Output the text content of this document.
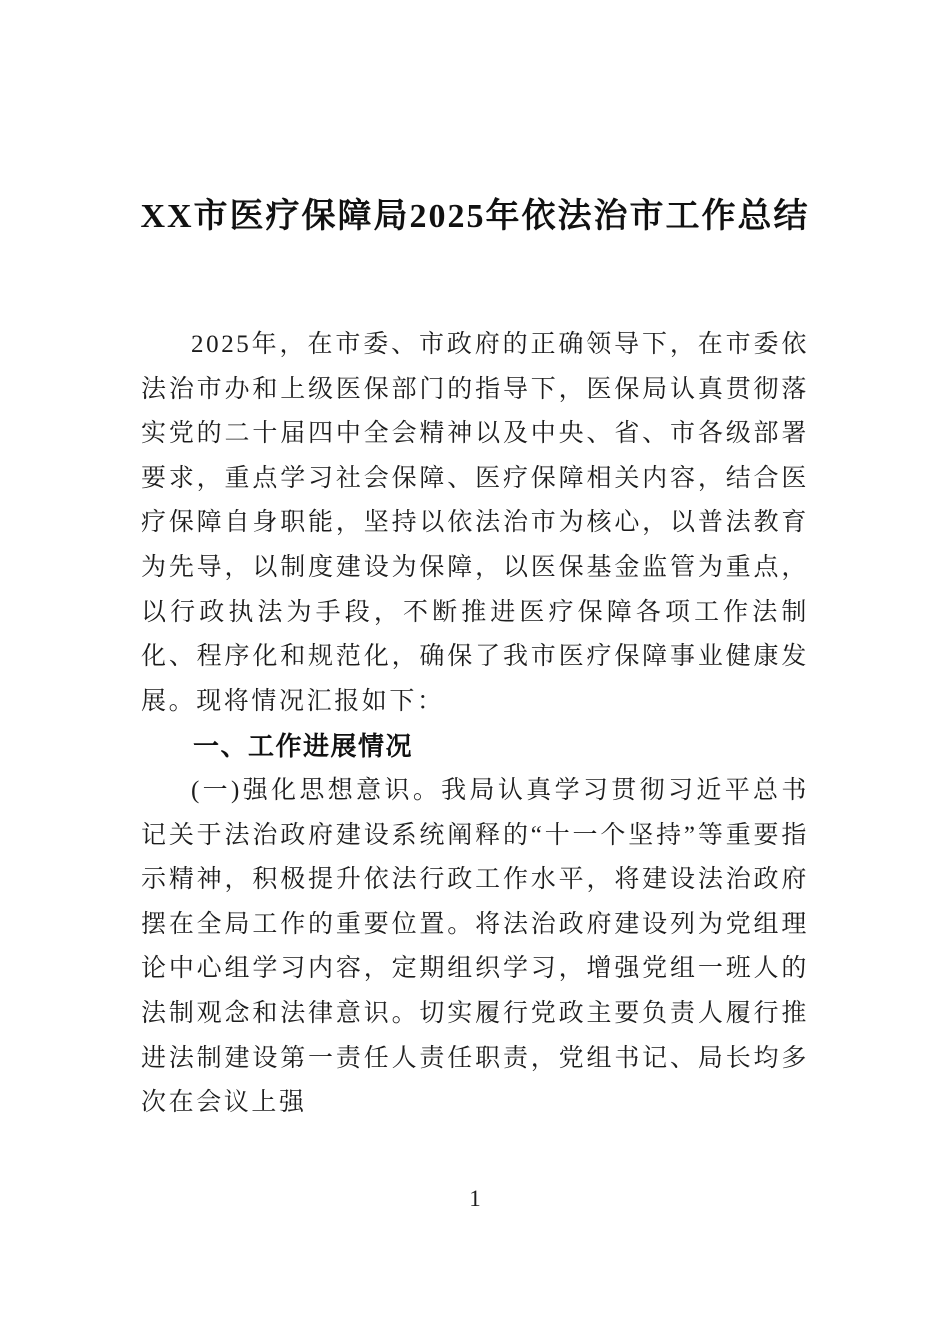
XX市医疗保障局2025年依法治市工作总结

2025年，在市委、市政府的正确领导下，在市委依法治市办和上级医保部门的指导下，医保局认真贯彻落实党的二十届四中全会精神以及中央、省、市各级部署要求，重点学习社会保障、医疗保障相关内容，结合医疗保障自身职能，坚持以依法治市为核心，以普法教育为先导，以制度建设为保障，以医保基金监管为重点，以行政执法为手段，不断推进医疗保障各项工作法制化、程序化和规范化，确保了我市医疗保障事业健康发展。现将情况汇报如下：

一、工作进展情况

(一)强化思想意识。我局认真学习贯彻习近平总书记关于法治政府建设系统阐释的“十一个坚持”等重要指示精神，积极提升依法行政工作水平，将建设法治政府摆在全局工作的重要位置。将法治政府建设列为党组理论中心组学习内容，定期组织学习，增强党组一班人的法制观念和法律意识。切实履行党政主要负责人履行推进法制建设第一责任人责任职责，党组书记、局长均多次在会议上强

1
